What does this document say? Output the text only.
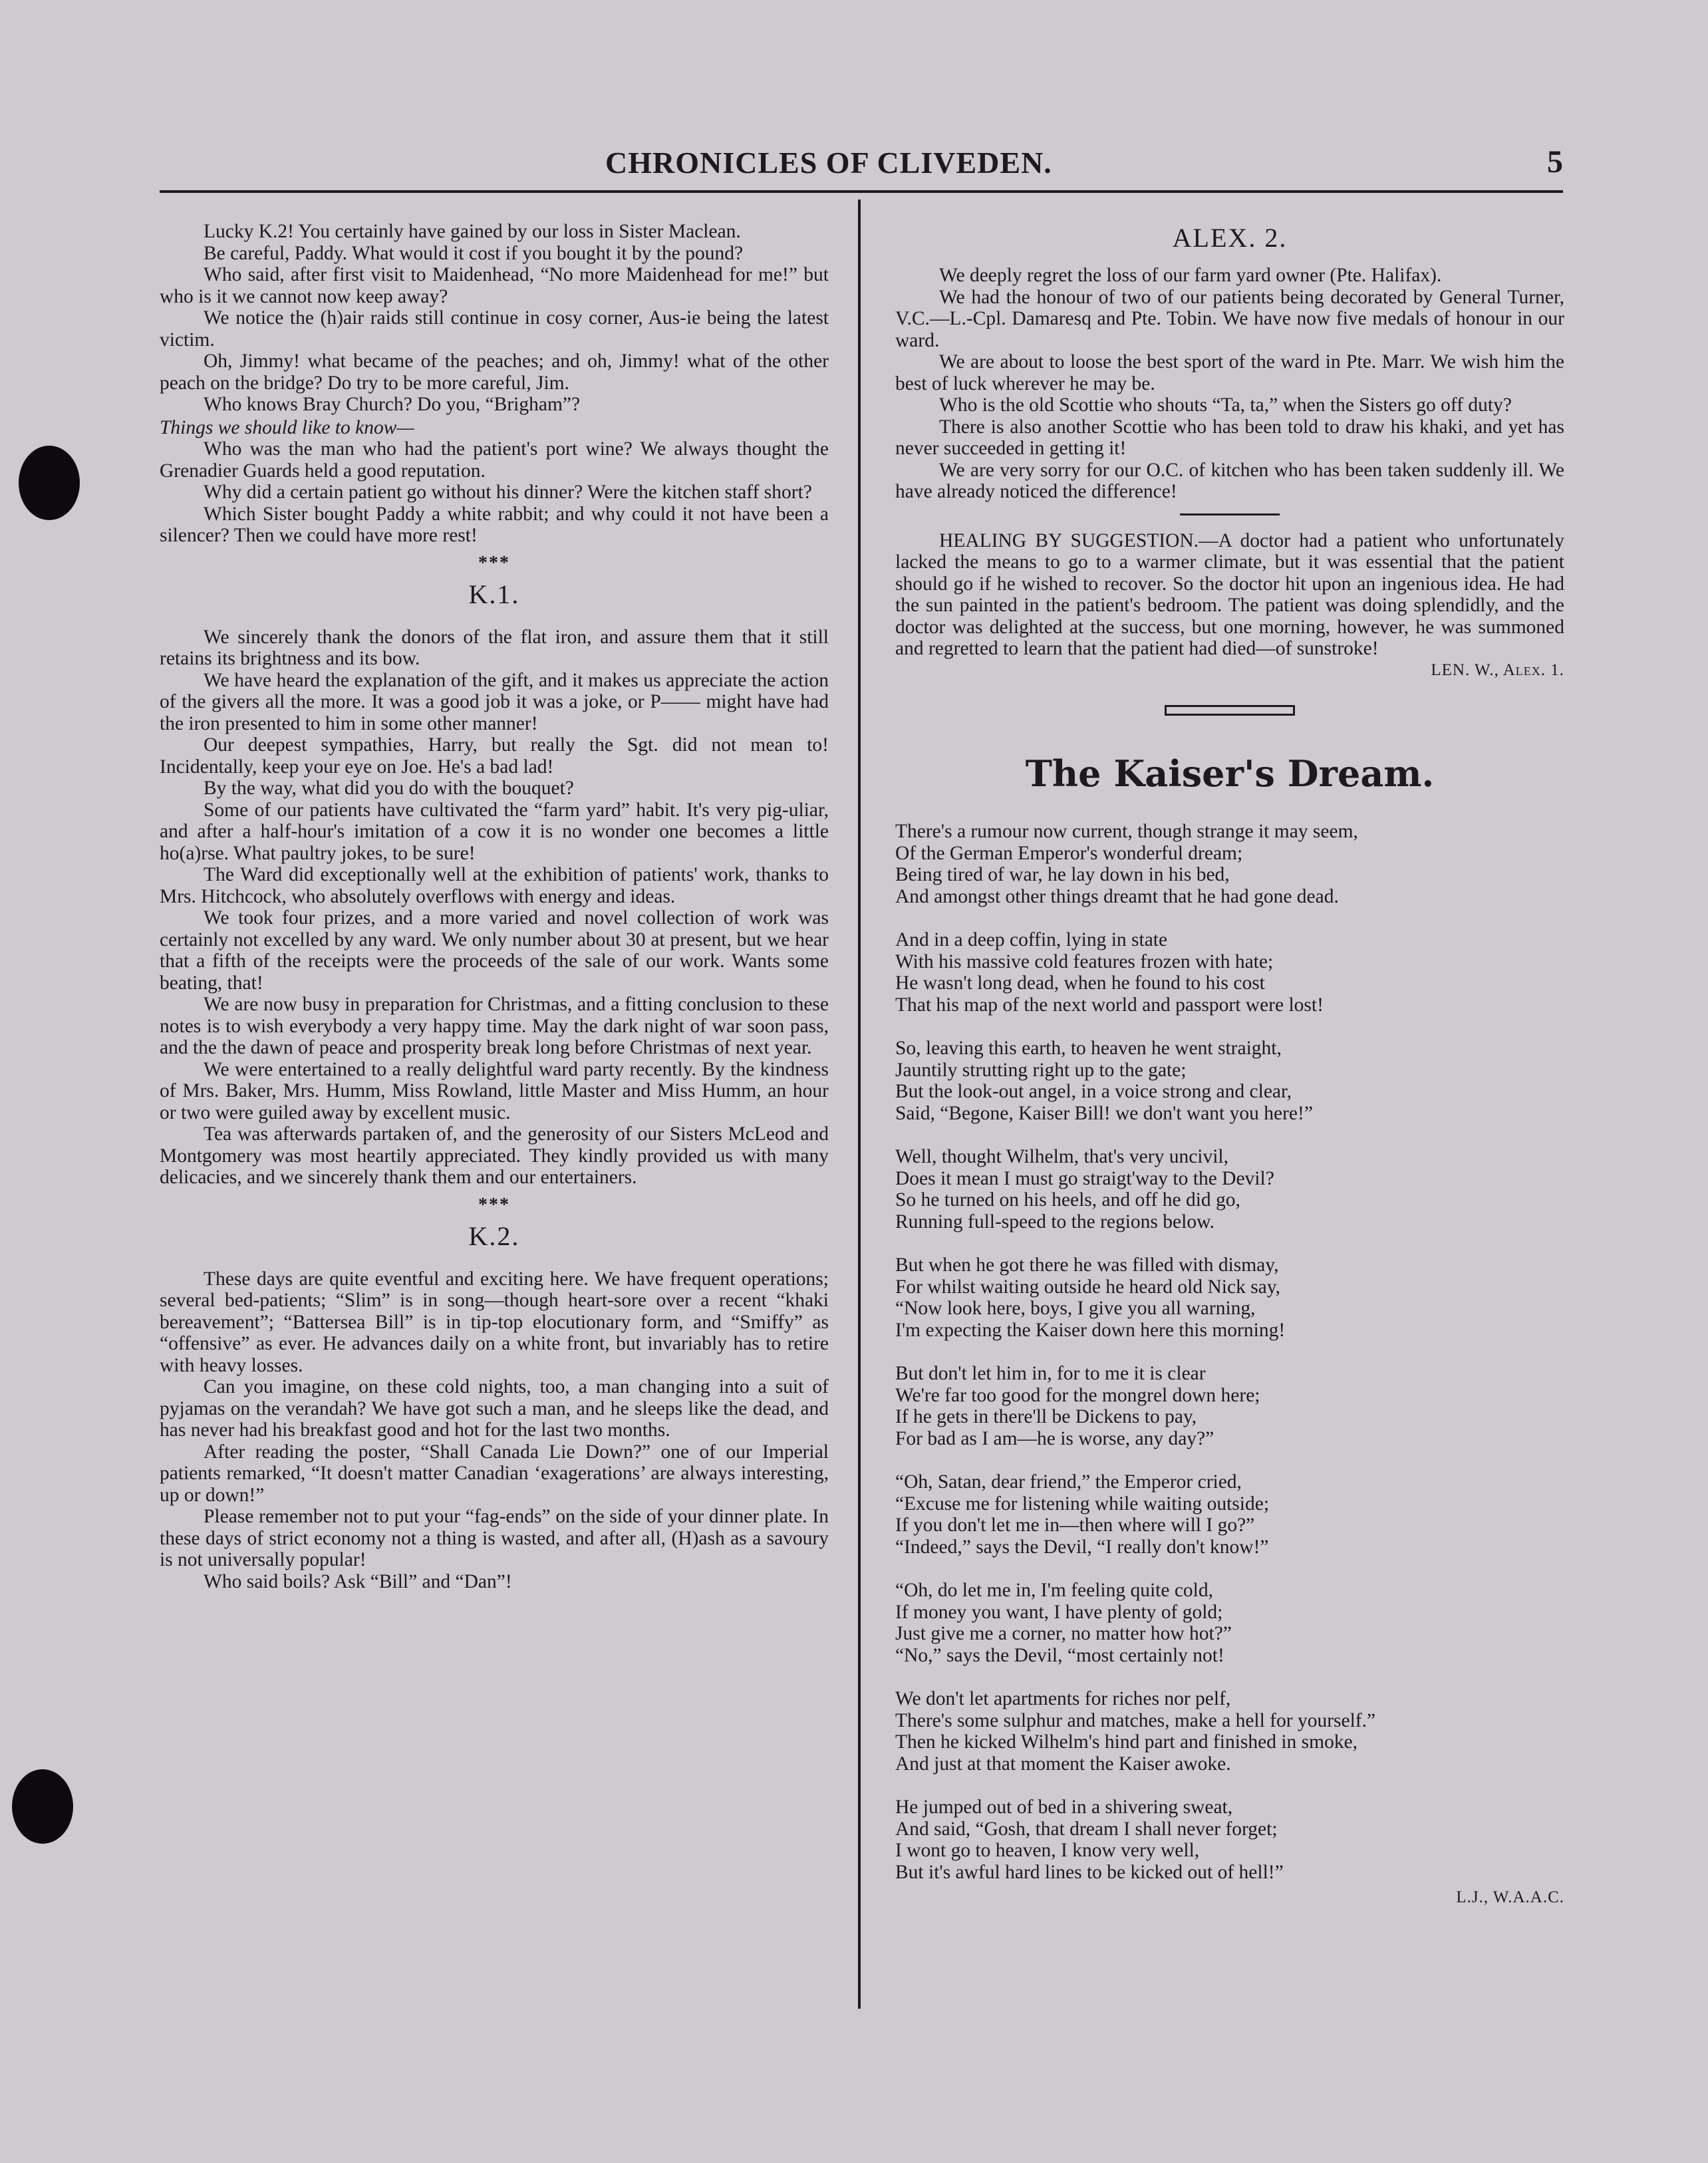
CHRONICLES OF CLIVEDEN.	5

Lucky K.2! You certainly have gained by our loss in Sister Maclean.

Be careful, Paddy. What would it cost if you bought it by the pound?

Who said, after first visit to Maidenhead, “No more Maidenhead for me!” but who is it we cannot now keep away?

We notice the (h)air raids still continue in cosy corner, Aus-ie being the latest victim.

Oh, Jimmy! what became of the peaches; and oh, Jimmy! what of the other peach on the bridge? Do try to be more careful, Jim.

Who knows Bray Church? Do you, “Brigham”?

Things we should like to know—

Who was the man who had the patient's port wine? We always thought the Grenadier Guards held a good reputation.

Why did a certain patient go without his dinner? Were the kitchen staff short?

Which Sister bought Paddy a white rabbit; and why could it not have been a silencer? Then we could have more rest!

***
K.1.

We sincerely thank the donors of the flat iron, and assure them that it still retains its brightness and its bow.

We have heard the explanation of the gift, and it makes us appreciate the action of the givers all the more. It was a good job it was a joke, or P—— might have had the iron presented to him in some other manner!

Our deepest sympathies, Harry, but really the Sgt. did not mean to! Incidentally, keep your eye on Joe. He's a bad lad!

By the way, what did you do with the bouquet?

Some of our patients have cultivated the “farm yard” habit. It's very pig-uliar, and after a half-hour's imitation of a cow it is no wonder one becomes a little ho(a)rse. What paultry jokes, to be sure!

The Ward did exceptionally well at the exhibition of patients' work, thanks to Mrs. Hitchcock, who absolutely overflows with energy and ideas.

We took four prizes, and a more varied and novel collection of work was certainly not excelled by any ward. We only number about 30 at present, but we hear that a fifth of the receipts were the proceeds of the sale of our work. Wants some beating, that!

We are now busy in preparation for Christmas, and a fitting conclusion to these notes is to wish everybody a very happy time. May the dark night of war soon pass, and the the dawn of peace and prosperity break long before Christmas of next year.

We were entertained to a really delightful ward party recently. By the kindness of Mrs. Baker, Mrs. Humm, Miss Rowland, little Master and Miss Humm, an hour or two were guiled away by excellent music.

Tea was afterwards partaken of, and the generosity of our Sisters McLeod and Montgomery was most heartily appreciated. They kindly provided us with many delicacies, and we sincerely thank them and our entertainers.

***
K.2.

These days are quite eventful and exciting here. We have frequent operations; several bed-patients; “Slim” is in song—though heart-sore over a recent “khaki bereavement”; “Battersea Bill” is in tip-top elocutionary form, and “Smiffy” as “offensive” as ever. He advances daily on a white front, but invariably has to retire with heavy losses.

Can you imagine, on these cold nights, too, a man changing into a suit of pyjamas on the verandah? We have got such a man, and he sleeps like the dead, and has never had his breakfast good and hot for the last two months.

After reading the poster, “Shall Canada Lie Down?” one of our Imperial patients remarked, “It doesn't matter Canadian ‘exagerations’ are always interesting, up or down!”

Please remember not to put your “fag-ends” on the side of your dinner plate. In these days of strict economy not a thing is wasted, and after all, (H)ash as a savoury is not universally popular!

Who said boils? Ask “Bill” and “Dan”!

ALEX. 2.

We deeply regret the loss of our farm yard owner (Pte. Halifax).

We had the honour of two of our patients being decorated by General Turner, V.C.—L.-Cpl. Damaresq and Pte. Tobin. We have now five medals of honour in our ward.

We are about to loose the best sport of the ward in Pte. Marr. We wish him the best of luck wherever he may be.

Who is the old Scottie who shouts “Ta, ta,” when the Sisters go off duty?

There is also another Scottie who has been told to draw his khaki, and yet has never succeeded in getting it!

We are very sorry for our O.C. of kitchen who has been taken suddenly ill. We have already noticed the difference!

HEALING BY SUGGESTION.—A doctor had a patient who unfortunately lacked the means to go to a warmer climate, but it was essential that the patient should go if he wished to recover. So the doctor hit upon an ingenious idea. He had the sun painted in the patient's bedroom. The patient was doing splendidly, and the doctor was delighted at the success, but one morning, however, he was summoned and regretted to learn that the patient had died—of sunstroke!

LEN. W., Alex. 1.

The Kaiser's Dream.
There's a rumour now current, though strange it may seem,
Of the German Emperor's wonderful dream;
Being tired of war, he lay down in his bed,
And amongst other things dreamt that he had gone dead.
And in a deep coffin, lying in state
With his massive cold features frozen with hate;
He wasn't long dead, when he found to his cost
That his map of the next world and passport were lost!
So, leaving this earth, to heaven he went straight,
Jauntily strutting right up to the gate;
But the look-out angel, in a voice strong and clear,
Said, “Begone, Kaiser Bill! we don't want you here!”
Well, thought Wilhelm, that's very uncivil,
Does it mean I must go straigt'way to the Devil?
So he turned on his heels, and off he did go,
Running full-speed to the regions below.
But when he got there he was filled with dismay,
For whilst waiting outside he heard old Nick say,
“Now look here, boys, I give you all warning,
I'm expecting the Kaiser down here this morning!
But don't let him in, for to me it is clear
We're far too good for the mongrel down here;
If he gets in there'll be Dickens to pay,
For bad as I am—he is worse, any day?”
“Oh, Satan, dear friend,” the Emperor cried,
“Excuse me for listening while waiting outside;
If you don't let me in—then where will I go?”
“Indeed,” says the Devil, “I really don't know!”
“Oh, do let me in, I'm feeling quite cold,
If money you want, I have plenty of gold;
Just give me a corner, no matter how hot?”
“No,” says the Devil, “most certainly not!
We don't let apartments for riches nor pelf,
There's some sulphur and matches, make a hell for yourself.”
Then he kicked Wilhelm's hind part and finished in smoke,
And just at that moment the Kaiser awoke.
He jumped out of bed in a shivering sweat,
And said, “Gosh, that dream I shall never forget;
I wont go to heaven, I know very well,
But it's awful hard lines to be kicked out of hell!”

L.J., W.A.A.C.
